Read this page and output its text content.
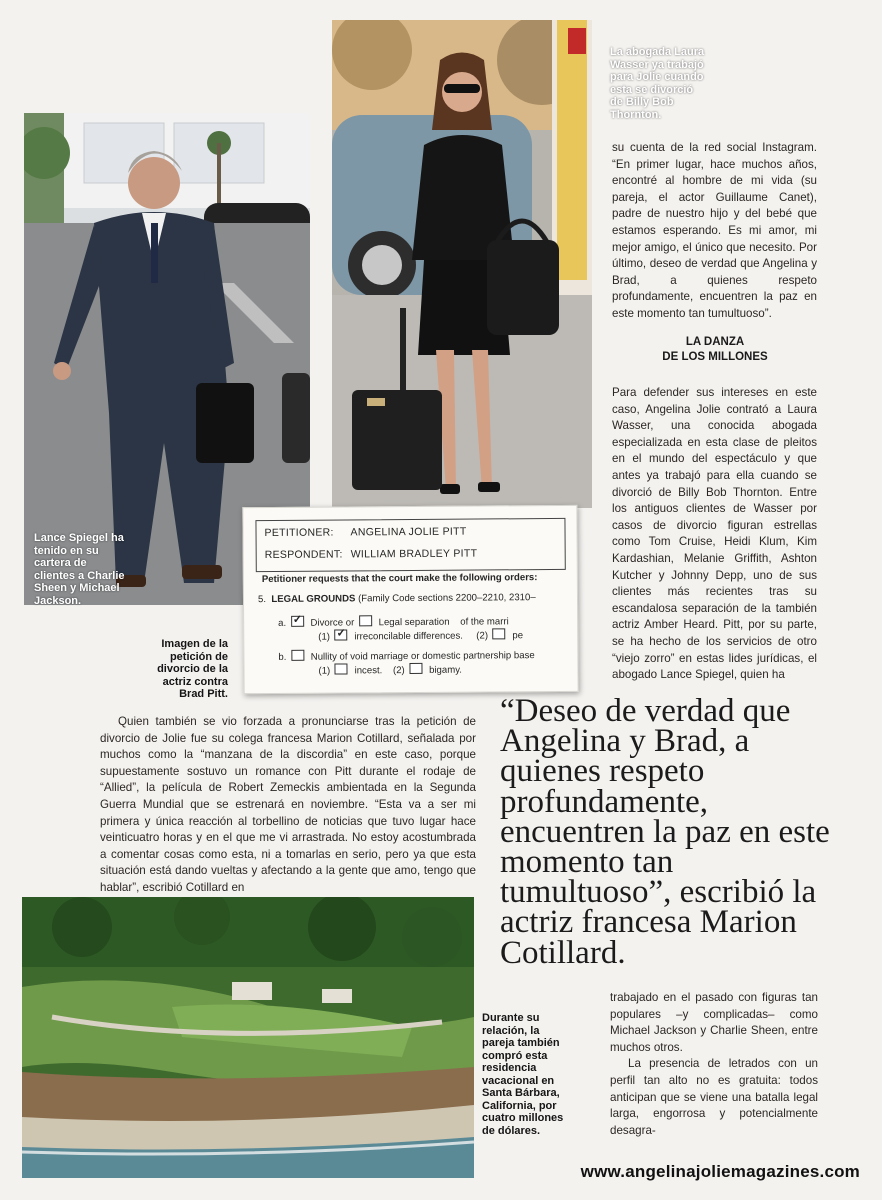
Lance Spiegel ha tenido en su cartera de clientes a Charlie Sheen y Michael Jackson.
La abogada Laura Wasser ya trabajó para Jolie cuando esta se divorció de Billy Bob Thornton.

su cuenta de la red social Instagram. “En primer lugar, hace muchos años, encontré al hombre de mi vida (su pareja, el actor Guillaume Canet), padre de nuestro hijo y del bebé que estamos esperando. Es mi amor, mi mejor amigo, el único que necesito. Por último, deseo de verdad que Angelina y Brad, a quienes respeto profundamente, encuentren la paz en este momento tan tumultuoso”.

LA DANZA
DE LOS MILLONES

Para defender sus intereses en este caso, Angelina Jolie contrató a Laura Wasser, una conocida abogada especializada en esta clase de pleitos en el mundo del espectáculo y que antes ya trabajó para ella cuando se divorció de Billy Bob Thornton. Entre los antiguos clientes de Wasser por casos de divorcio figuran estrellas como Tom Cruise, Heidi Klum, Kim Kardashian, Melanie Griffith, Ashton Kutcher y Johnny Depp, uno de sus clientes más recientes tras su escandalosa separación de la también actriz Amber Heard. Pitt, por su parte, se ha hecho de los servicios de otro “viejo zorro” en estas lides jurídicas, el abogado Lance Spiegel, quien ha

PETITIONER: ANGELINA JOLIE PITT
RESPONDENT: WILLIAM BRADLEY PITT
Petitioner requests that the court make the following orders:
5. LEGAL GROUNDS (Family Code sections 2200–2210, 2310–
a. ✓	Divorce or	Legal separation of the marri
(1) ✓	irreconcilable differences. (2)	pe
b.	Nullity of void marriage or domestic partnership base
(1)	incest. (2)	bigamy.
Imagen de la petición de divorcio de la actriz contra Brad Pitt.

Quien también se vio forzada a pronunciarse tras la petición de divorcio de Jolie fue su colega francesa Marion Cotillard, señalada por muchos como la “manzana de la discordia” en este caso, porque supuestamente sostuvo un romance con Pitt durante el rodaje de “Allied”, la película de Robert Zemeckis ambientada en la Segunda Guerra Mundial que se estrenará en noviembre. “Esta va a ser mi primera y única reacción al torbellino de noticias que tuvo lugar hace veinticuatro horas y en el que me vi arrastrada. No estoy acostumbrada a comentar cosas como esta, ni a tomarlas en serio, pero ya que esta situación está dando vueltas y afectando a la gente que amo, tengo que hablar”, escribió Cotillard en

“Deseo de verdad que Angelina y Brad, a quienes respeto profundamente, encuentren la paz en este momento tan tumultuoso”, escribió la actriz francesa Marion Cotillard.

Durante su relación, la pareja también compró esta residencia vacacional en Santa Bárbara, California, por cuatro millones de dólares.

trabajado en el pasado con figuras tan populares –y complicadas– como Michael Jackson y Charlie Sheen, entre muchos otros.

La presencia de letrados con un perfil tan alto no es gratuita: todos anticipan que se viene una batalla legal larga, engorrosa y potencialmente desagra-

www.angelinajoliemagazines.com
